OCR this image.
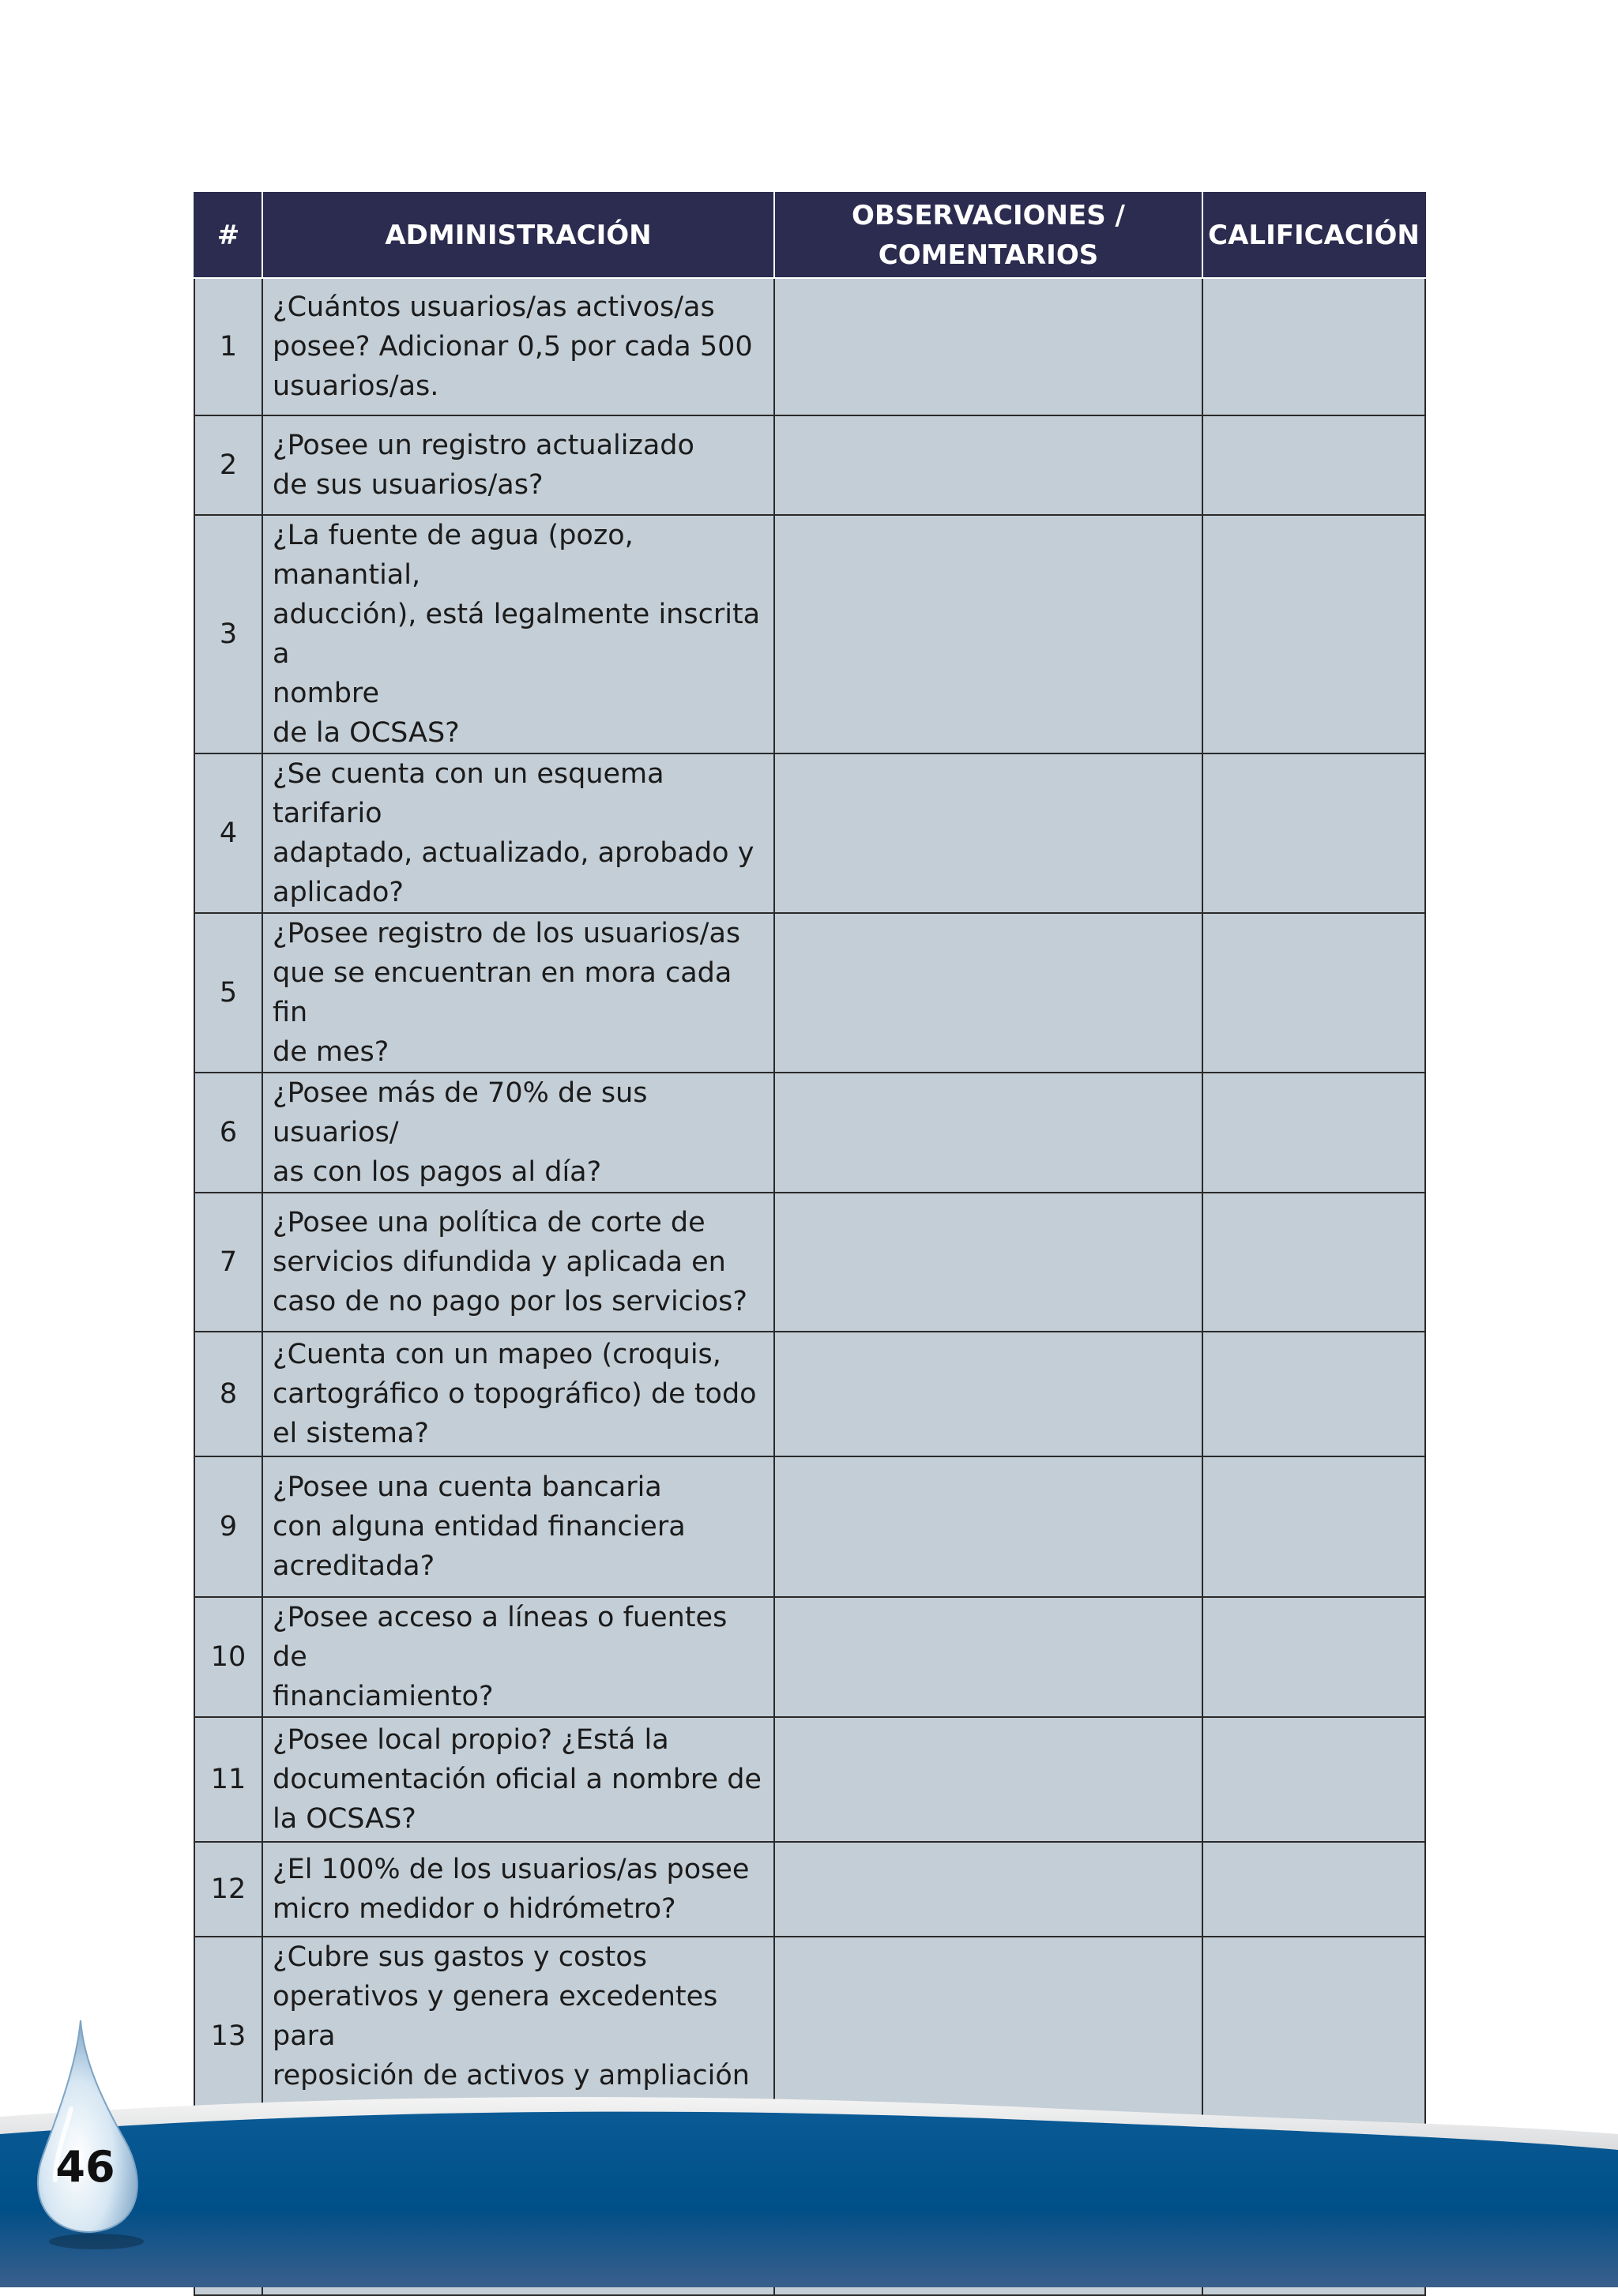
#	ADMINISTRACIÓN	OBSERVACIONES /
COMENTARIOS	CALIFICACIÓN
1	¿Cuántos usuarios/as activos/as
posee? Adicionar 0,5 por cada 500
usuarios/as.		
2	¿Posee un registro actualizado
de sus usuarios/as?		
3	¿La fuente de agua (pozo, manantial,
aducción), está legalmente inscrita a
nombre
de la OCSAS?		
4	¿Se cuenta con un esquema tarifario
adaptado, actualizado, aprobado y
aplicado?		
5	¿Posee registro de los usuarios/as
que se encuentran en mora cada fin
de mes?		
6	¿Posee más de 70% de sus usuarios/
as con los pagos al día?		
7	¿Posee una política de corte de
servicios difundida y aplicada en
caso de no pago por los servicios?		
8	¿Cuenta con un mapeo (croquis,
cartográfico o topográfico) de todo
el sistema?		
9	¿Posee una cuenta bancaria
con alguna entidad financiera
acreditada?		
10	¿Posee acceso a líneas o fuentes de
financiamiento?		
11	¿Posee local propio? ¿Está la
documentación oficial a nombre de
la OCSAS?		
12	¿El 100% de los usuarios/as posee
micro medidor o hidrómetro?		
13	¿Cubre sus gastos y costos
operativos y genera excedentes para
reposición de activos y ampliación

46
